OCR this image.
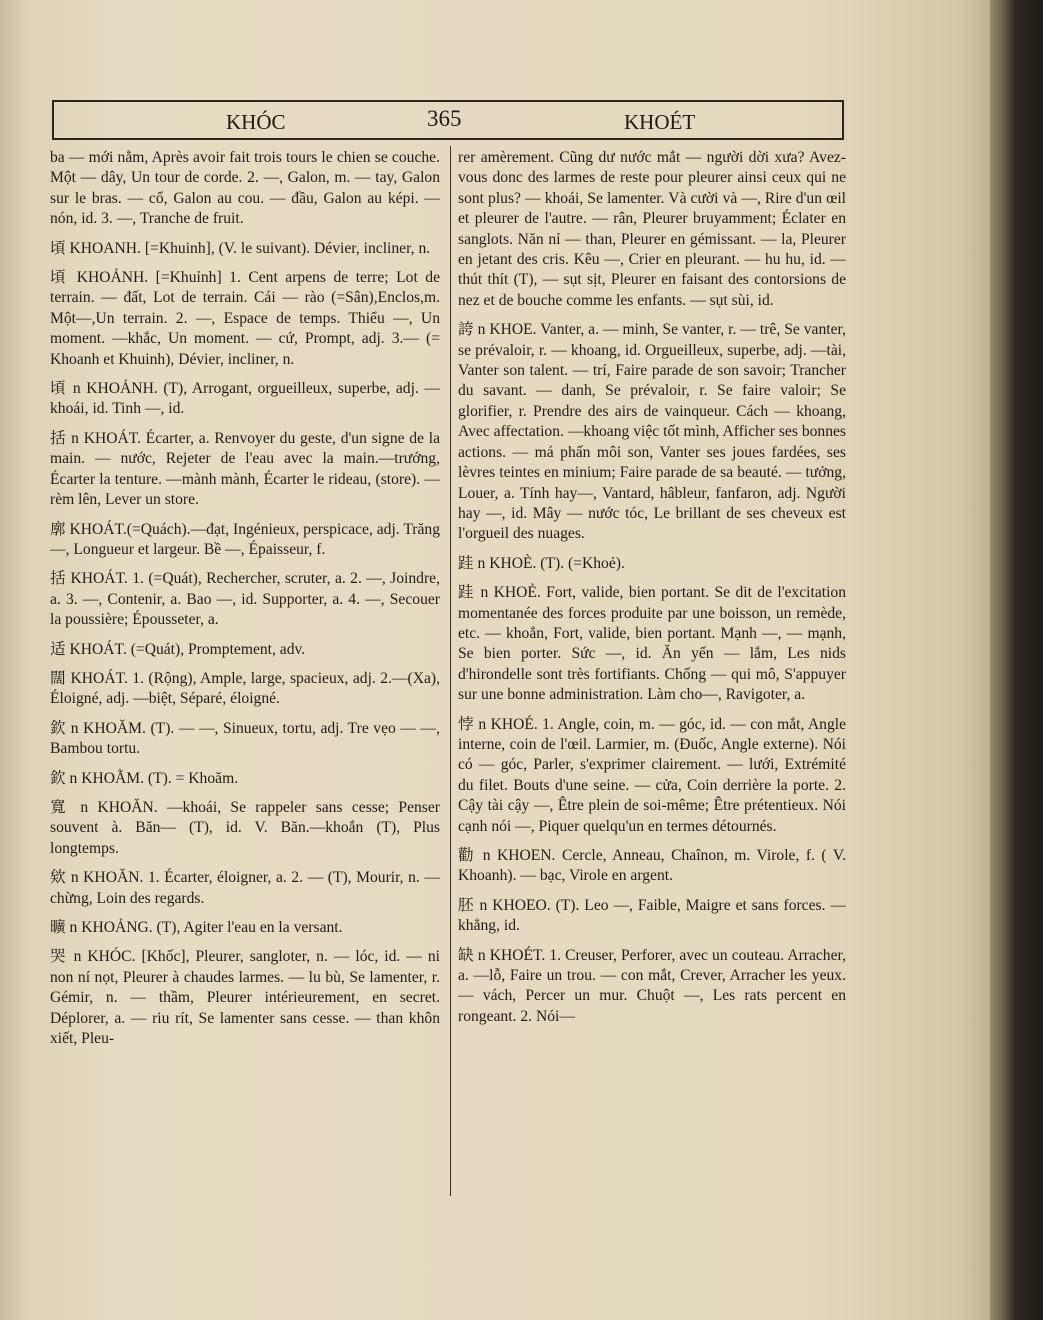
KHÓC	365	KHOÉT
ba — mới nằm, Après avoir fait trois tours le chien se couche. Một — dây, Un tour de corde. 2. —, Galon, m. — tay, Galon sur le bras. — cổ, Galon au cou. — đầu, Galon au képi. —nón, id. 3. —, Tranche de fruit.
頃 KHOANH. [=Khuinh], (V. le suivant). Dévier, incliner, n.
頃 KHOẢNH. [=Khuỉnh] 1. Cent arpens de terre; Lot de terrain. — đất, Lot de terrain. Cái — rào (=Sân),Enclos,m. Một—,Un terrain. 2. —, Espace de temps. Thiểu —, Un moment. —khắc, Un moment. — cứ, Prompt, adj. 3.— (= Khoanh et Khuinh), Dévier, incliner, n.
頃 n KHOẢNH. (T), Arrogant, orgueilleux, superbe, adj. — khoái, id. Tinh —, id.
括 n KHOÁT. Écarter, a. Renvoyer du geste, d'un signe de la main. — nước, Rejeter de l'eau avec la main.—trướng, Écarter la tenture. —mành mành, Écarter le rideau, (store). —rèm lên, Lever un store.
廓 KHOÁT.(=Quách).—đạt, Ingénieux, perspicace, adj. Trăng —, Longueur et largeur. Bề —, Épaisseur, f.
括 KHOÁT. 1. (=Quát), Rechercher, scruter, a. 2. —, Joindre, a. 3. —, Contenir, a. Bao —, id. Supporter, a. 4. —, Secouer la poussière; Épousseter, a.
适 KHOÁT. (=Quát), Promptement, adv.
闊 KHOÁT. 1. (Rộng), Ample, large, spacieux, adj. 2.—(Xa), Éloigné, adj. —biệt, Séparé, éloigné.
欽 n KHOĂM. (T). — —, Sinueux, tortu, adj. Tre vẹo — —, Bambou tortu.
欽 n KHOẰM. (T). = Khoăm.
寬 n KHOĂN. —khoái, Se rappeler sans cesse; Penser souvent à. Băn— (T), id. V. Băn.—khoắn (T), Plus longtemps.
欸 n KHOĂN. 1. Écarter, éloigner, a. 2. — (T), Mourir, n. — chừng, Loin des regards.
曠 n KHOẢNG. (T), Agiter l'eau en la versant.
哭 n KHÓC. [Khốc], Pleurer, sangloter, n. — lóc, id. — ni non ní nọt, Pleurer à chaudes larmes. — lu bù, Se lamenter, r. Gémir, n. — thầm, Pleurer intérieurement, en secret. Déplorer, a. — riu rít, Se lamenter sans cesse. — than khôn xiết, Pleu-
rer amèrement. Cũng dư nước mắt — người dời xưa? Avez-vous donc des larmes de reste pour pleurer ainsi ceux qui ne sont plus? — khoái, Se lamenter. Và cười và —, Rire d'un œil et pleurer de l'autre. — rân, Pleurer bruyamment; Éclater en sanglots. Năn nỉ — than, Pleurer en gémissant. — la, Pleurer en jetant des cris. Kêu —, Crier en pleurant. — hu hu, id. — thút thít (T), — sụt sịt, Pleurer en faisant des contorsions de nez et de bouche comme les enfants. — sụt sùi, id.
誇 n KHOE. Vanter, a. — minh, Se vanter, r. — trê, Se vanter, se prévaloir, r. — khoang, id. Orgueilleux, superbe, adj. —tài, Vanter son talent. — trí, Faire parade de son savoir; Trancher du savant. — danh, Se prévaloir, r. Se faire valoir; Se glorifier, r. Prendre des airs de vainqueur. Cách — khoang, Avec affectation. —khoang việc tốt mình, Afficher ses bonnes actions. — má phấn môi son, Vanter ses joues fardées, ses lèvres teintes en minium; Faire parade de sa beauté. — tưởng, Louer, a. Tính hay—, Vantard, hâbleur, fanfaron, adj. Người hay —, id. Mây — nước tóc, Le brillant de ses cheveux est l'orgueil des nuages.
跬 n KHOÈ. (T). (=Khoẻ).
跬 n KHOẺ. Fort, valide, bien portant. Se dit de l'excitation momentanée des forces produite par une boisson, un remède, etc. — khoắn, Fort, valide, bien portant. Mạnh —, — mạnh, Se bien porter. Sức —, id. Ăn yến — lắm, Les nids d'hirondelle sont très fortifiants. Chống — qui mô, S'appuyer sur une bonne administration. Làm cho—, Ravigoter, a.
悖 n KHOÉ. 1. Angle, coin, m. — góc, id. — con mắt, Angle interne, coin de l'œil. Larmier, m. (Đuốc, Angle externe). Nói có — góc, Parler, s'exprimer clairement. — lưới, Extrémité du filet. Bouts d'une seine. — cửa, Coin derrière la porte. 2. Cậy tài cậy —, Être plein de soi-même; Être prétentieux. Nói cạnh nói —, Piquer quelqu'un en termes détournés.
勸 n KHOEN. Cercle, Anneau, Chaînon, m. Virole, f. ( V. Khoanh). — bạc, Virole en argent.
胚 n KHOEO. (T). Leo —, Faible, Maigre et sans forces. — khẳng, id.
缺 n KHOÉT. 1. Creuser, Perforer, avec un couteau. Arracher, a. —lỗ, Faire un trou. — con mắt, Crever, Arracher les yeux. — vách, Percer un mur. Chuột —, Les rats percent en rongeant. 2. Nói—
